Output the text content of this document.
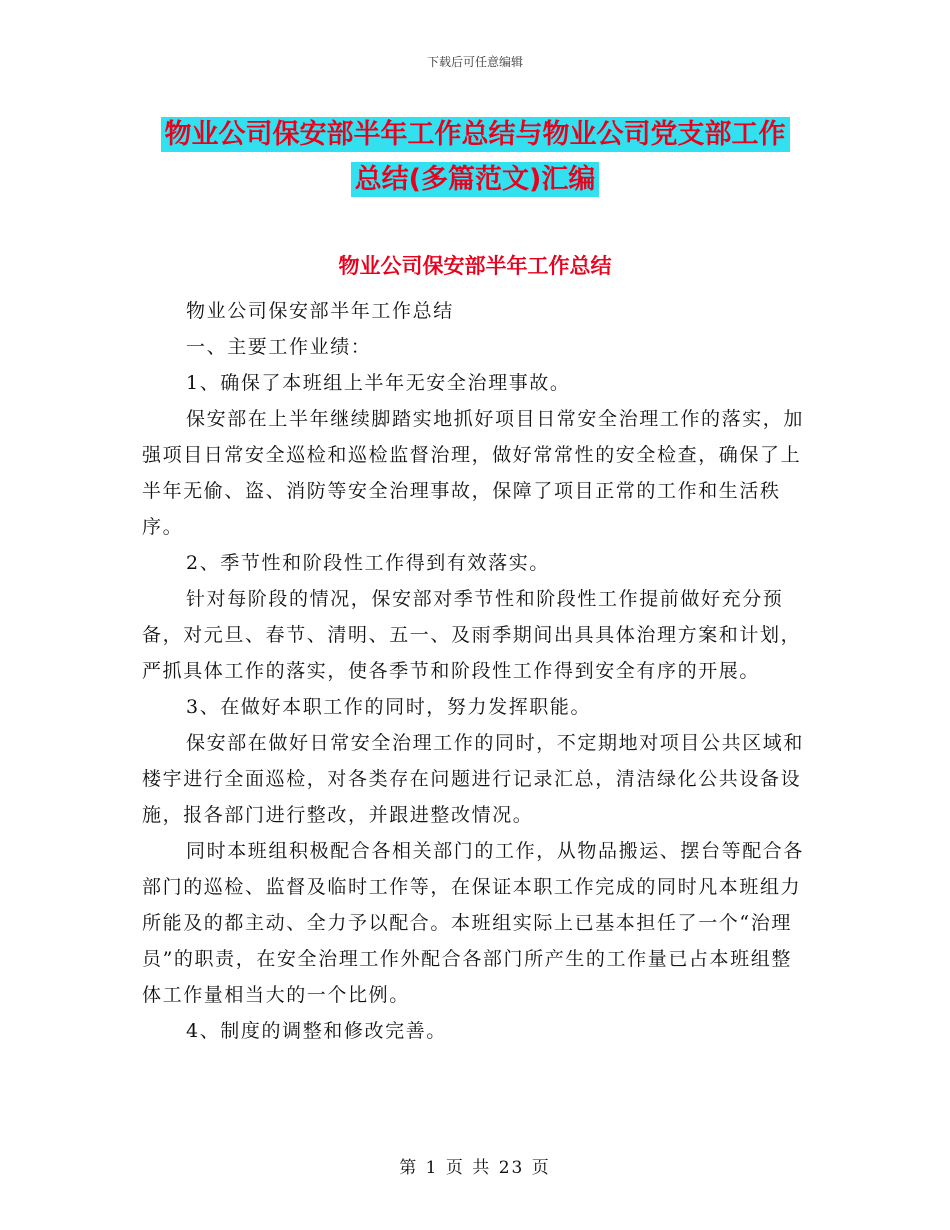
下载后可任意编辑
物业公司保安部半年工作总结与物业公司党支部工作
总结(多篇范文)汇编
物业公司保安部半年工作总结

物业公司保安部半年工作总结

一、主要工作业绩：

1、确保了本班组上半年无安全治理事故。

保安部在上半年继续脚踏实地抓好项目日常安全治理工作的落实，加强项目日常安全巡检和巡检监督治理，做好常常性的安全检查，确保了上半年无偷、盗、消防等安全治理事故，保障了项目正常的工作和生活秩序。

2、季节性和阶段性工作得到有效落实。

针对每阶段的情况，保安部对季节性和阶段性工作提前做好充分预备，对元旦、春节、清明、五一、及雨季期间出具具体治理方案和计划，严抓具体工作的落实，使各季节和阶段性工作得到安全有序的开展。

3、在做好本职工作的同时，努力发挥职能。

保安部在做好日常安全治理工作的同时，不定期地对项目公共区域和楼宇进行全面巡检，对各类存在问题进行记录汇总，清洁绿化公共设备设施，报各部门进行整改，并跟进整改情况。

同时本班组积极配合各相关部门的工作，从物品搬运、摆台等配合各部门的巡检、监督及临时工作等，在保证本职工作完成的同时凡本班组力所能及的都主动、全力予以配合。本班组实际上已基本担任了一个“治理员”的职责，在安全治理工作外配合各部门所产生的工作量已占本班组整体工作量相当大的一个比例。

4、制度的调整和修改完善。

第 1 页 共 23 页
